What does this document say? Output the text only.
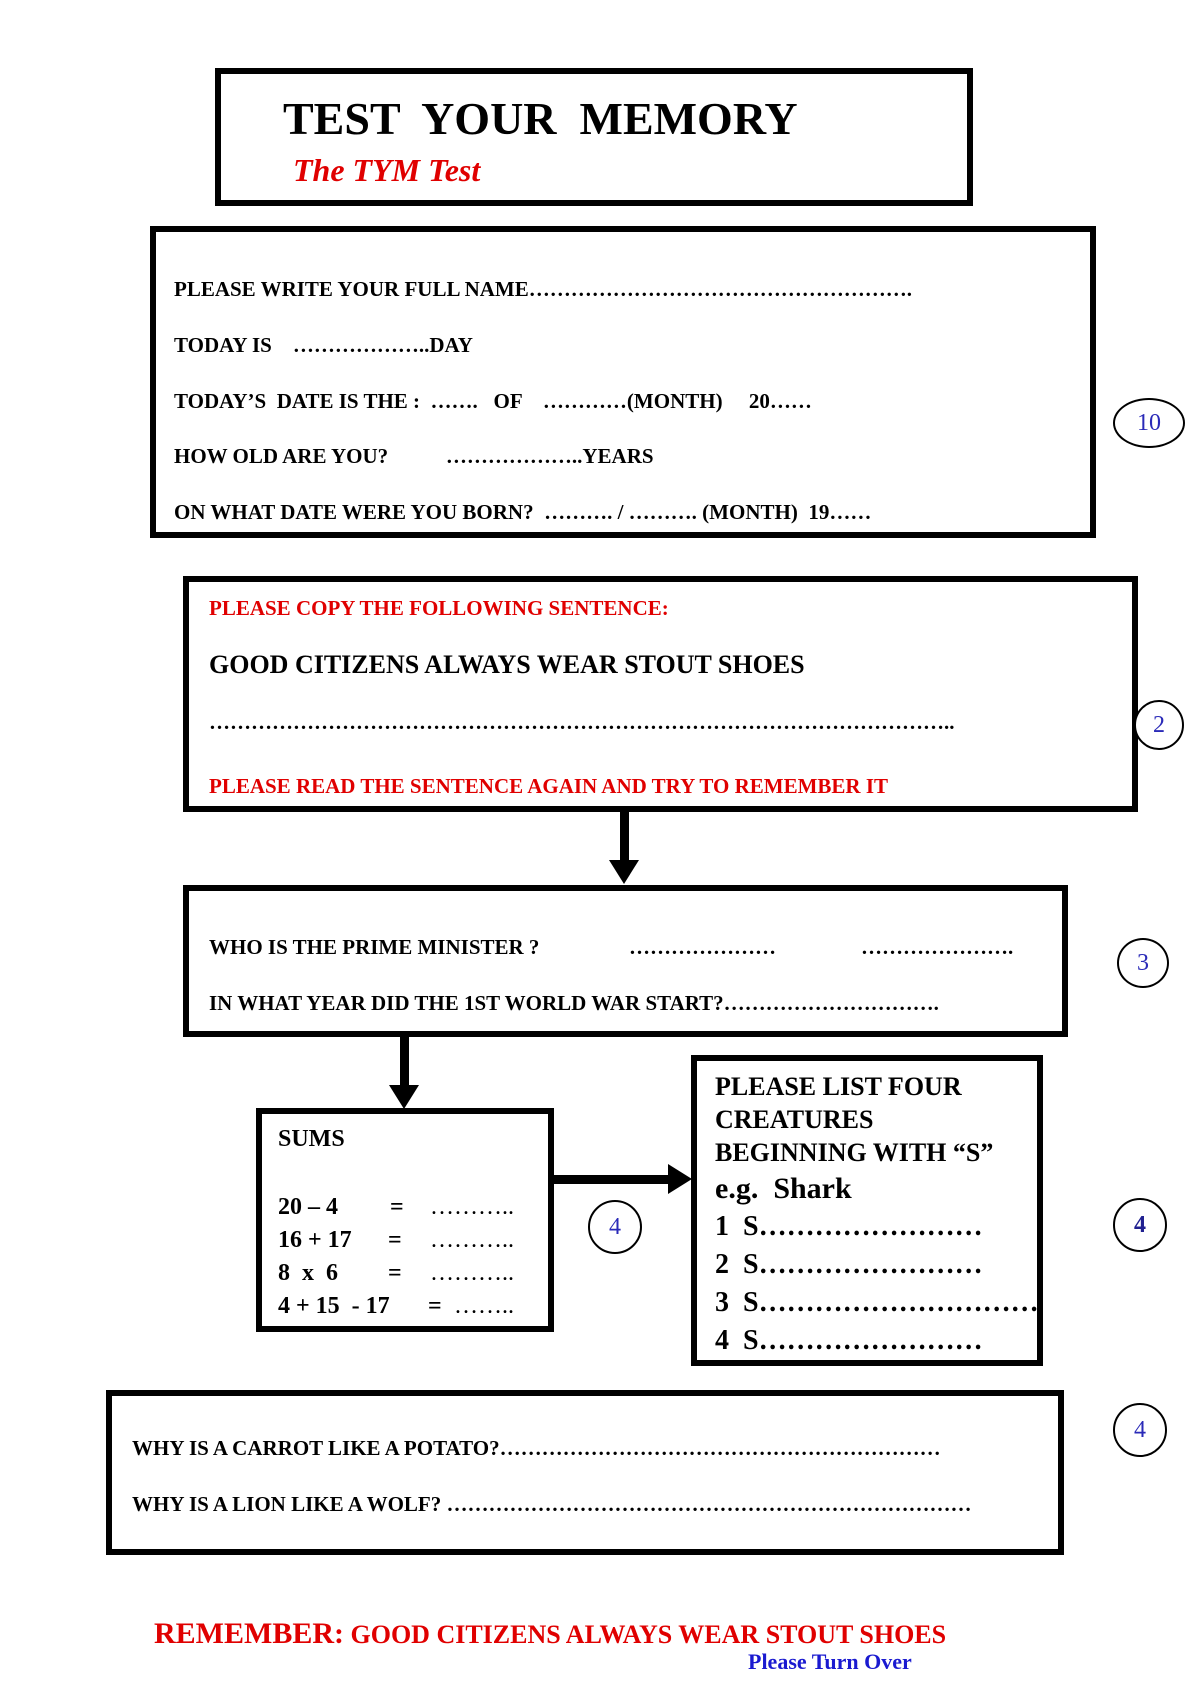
TEST  YOUR  MEMORY
The TYM Test
PLEASE WRITE YOUR FULL NAME……………………………………………….
TODAY IS    ………………..DAY
TODAY’S  DATE IS THE :  …….   OF    …………(MONTH)     20……
HOW OLD ARE YOU?           ………………..YEARS
ON WHAT DATE WERE YOU BORN?  ………. / ………. (MONTH)  19……
10
PLEASE COPY THE FOLLOWING SENTENCE:
GOOD CITIZENS ALWAYS WEAR STOUT SHOES
……………………………………………………………………………………………..
PLEASE READ THE SENTENCE AGAIN AND TRY TO REMEMBER IT
2
WHO IS THE PRIME MINISTER ?	…………………	………………….
IN WHAT YEAR DID THE 1ST WORLD WAR START?………………………….
3
SUMS
20 – 4 = ………..
16 + 17 = ………..
8  x  6 = ………..
4 + 15  - 17 = ……..
4
PLEASE LIST FOUR
CREATURES
BEGINNING WITH “S”
e.g.  Shark
1  S……………………
2  S……………………
3  S…………………………
4  S……………………
4
WHY IS A CARROT LIKE A POTATO?………………………………………………………
WHY IS A LION LIKE A WOLF? …………………………………………………………………
4

REMEMBER: GOOD CITIZENS ALWAYS WEAR STOUT SHOES

Please Turn Over
